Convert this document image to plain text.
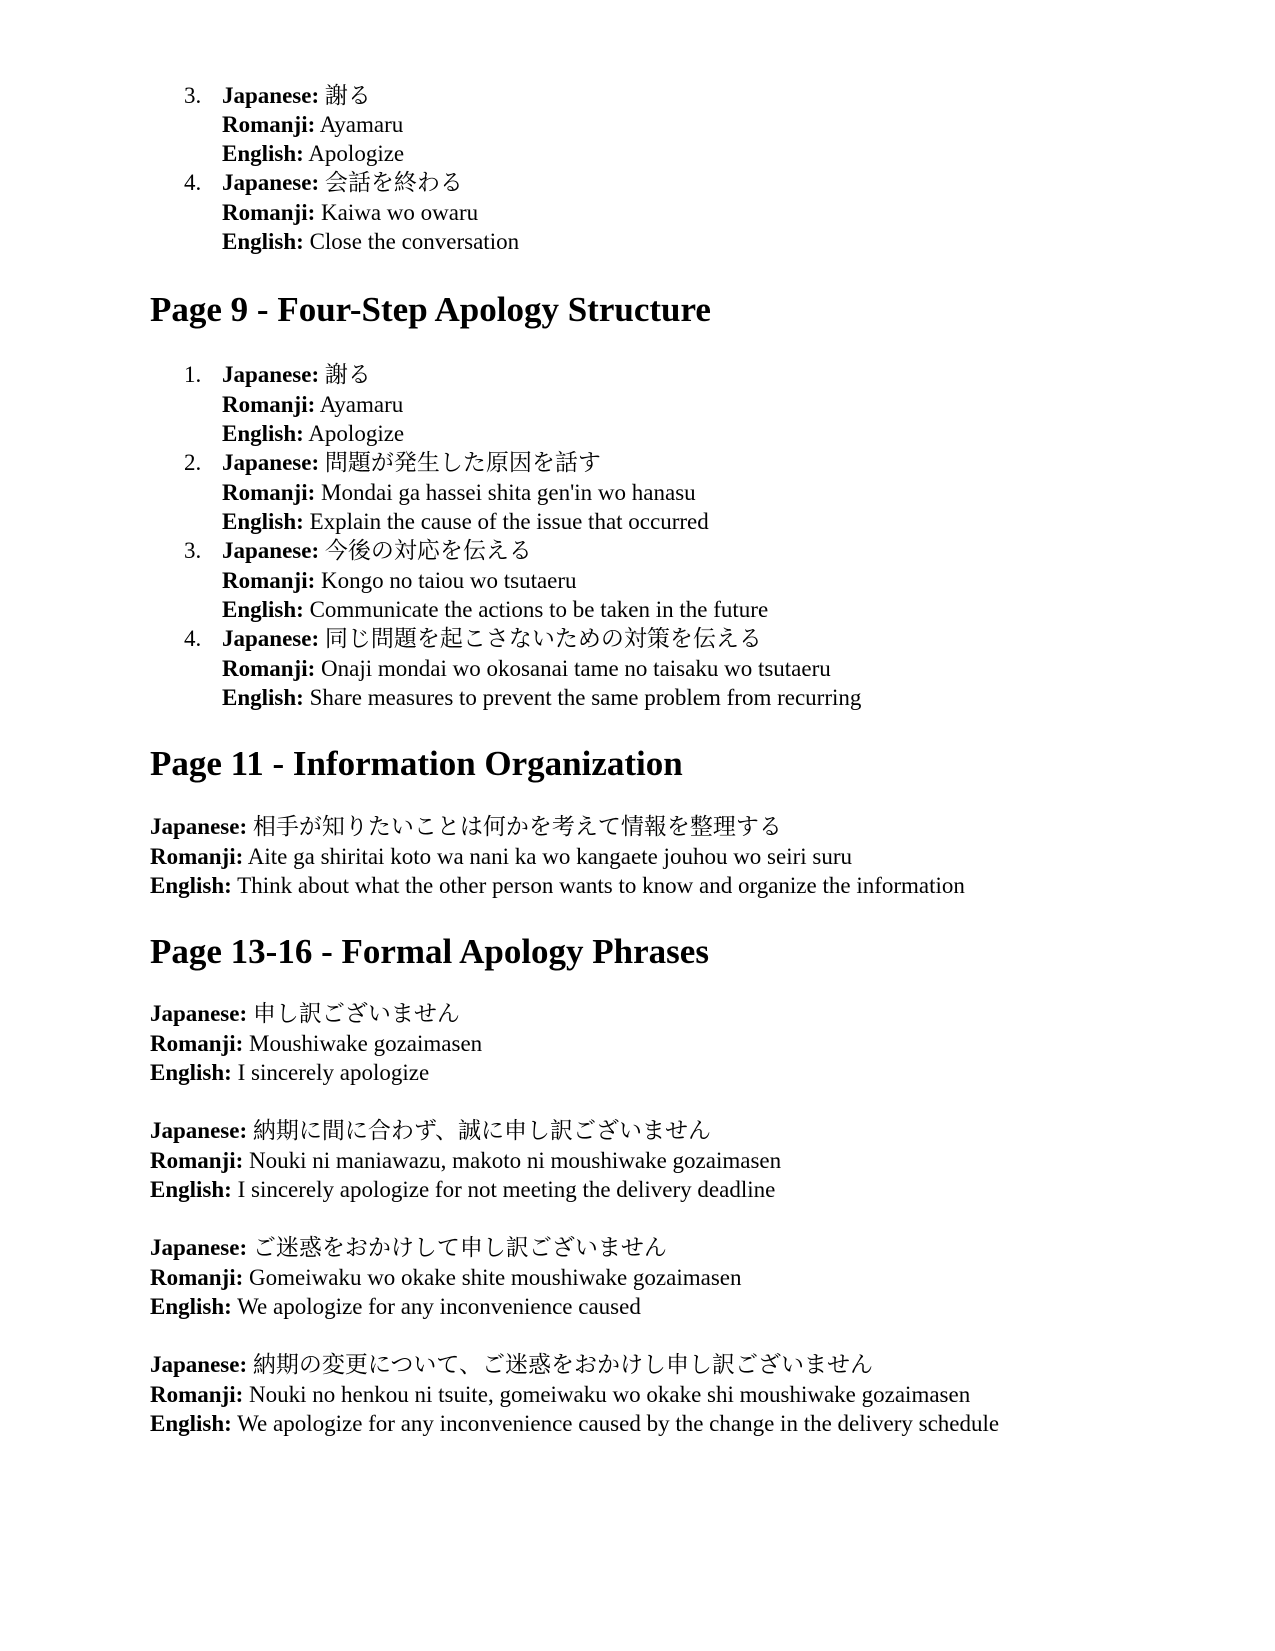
3. Japanese: 謝る
Romanji: Ayamaru
English: Apologize
4. Japanese: 会話を終わる
Romanji: Kaiwa wo owaru
English: Close the conversation
Page 9 - Four-Step Apology Structure
1. Japanese: 謝る
Romanji: Ayamaru
English: Apologize
2. Japanese: 問題が発生した原因を話す
Romanji: Mondai ga hassei shita gen'in wo hanasu
English: Explain the cause of the issue that occurred
3. Japanese: 今後の対応を伝える
Romanji: Kongo no taiou wo tsutaeru
English: Communicate the actions to be taken in the future
4. Japanese: 同じ問題を起こさないための対策を伝える
Romanji: Onaji mondai wo okosanai tame no taisaku wo tsutaeru
English: Share measures to prevent the same problem from recurring
Page 11 - Information Organization
Japanese: 相手が知りたいことは何かを考えて情報を整理する
Romanji: Aite ga shiritai koto wa nani ka wo kangaete jouhou wo seiri suru
English: Think about what the other person wants to know and organize the information
Page 13-16 - Formal Apology Phrases
Japanese: 申し訳ございません
Romanji: Moushiwake gozaimasen
English: I sincerely apologize
Japanese: 納期に間に合わず、誠に申し訳ございません
Romanji: Nouki ni maniawazu, makoto ni moushiwake gozaimasen
English: I sincerely apologize for not meeting the delivery deadline
Japanese: ご迷惑をおかけして申し訳ございません
Romanji: Gomeiwaku wo okake shite moushiwake gozaimasen
English: We apologize for any inconvenience caused
Japanese: 納期の変更について、ご迷惑をおかけし申し訳ございません
Romanji: Nouki no henkou ni tsuite, gomeiwaku wo okake shi moushiwake gozaimasen
English: We apologize for any inconvenience caused by the change in the delivery schedule
